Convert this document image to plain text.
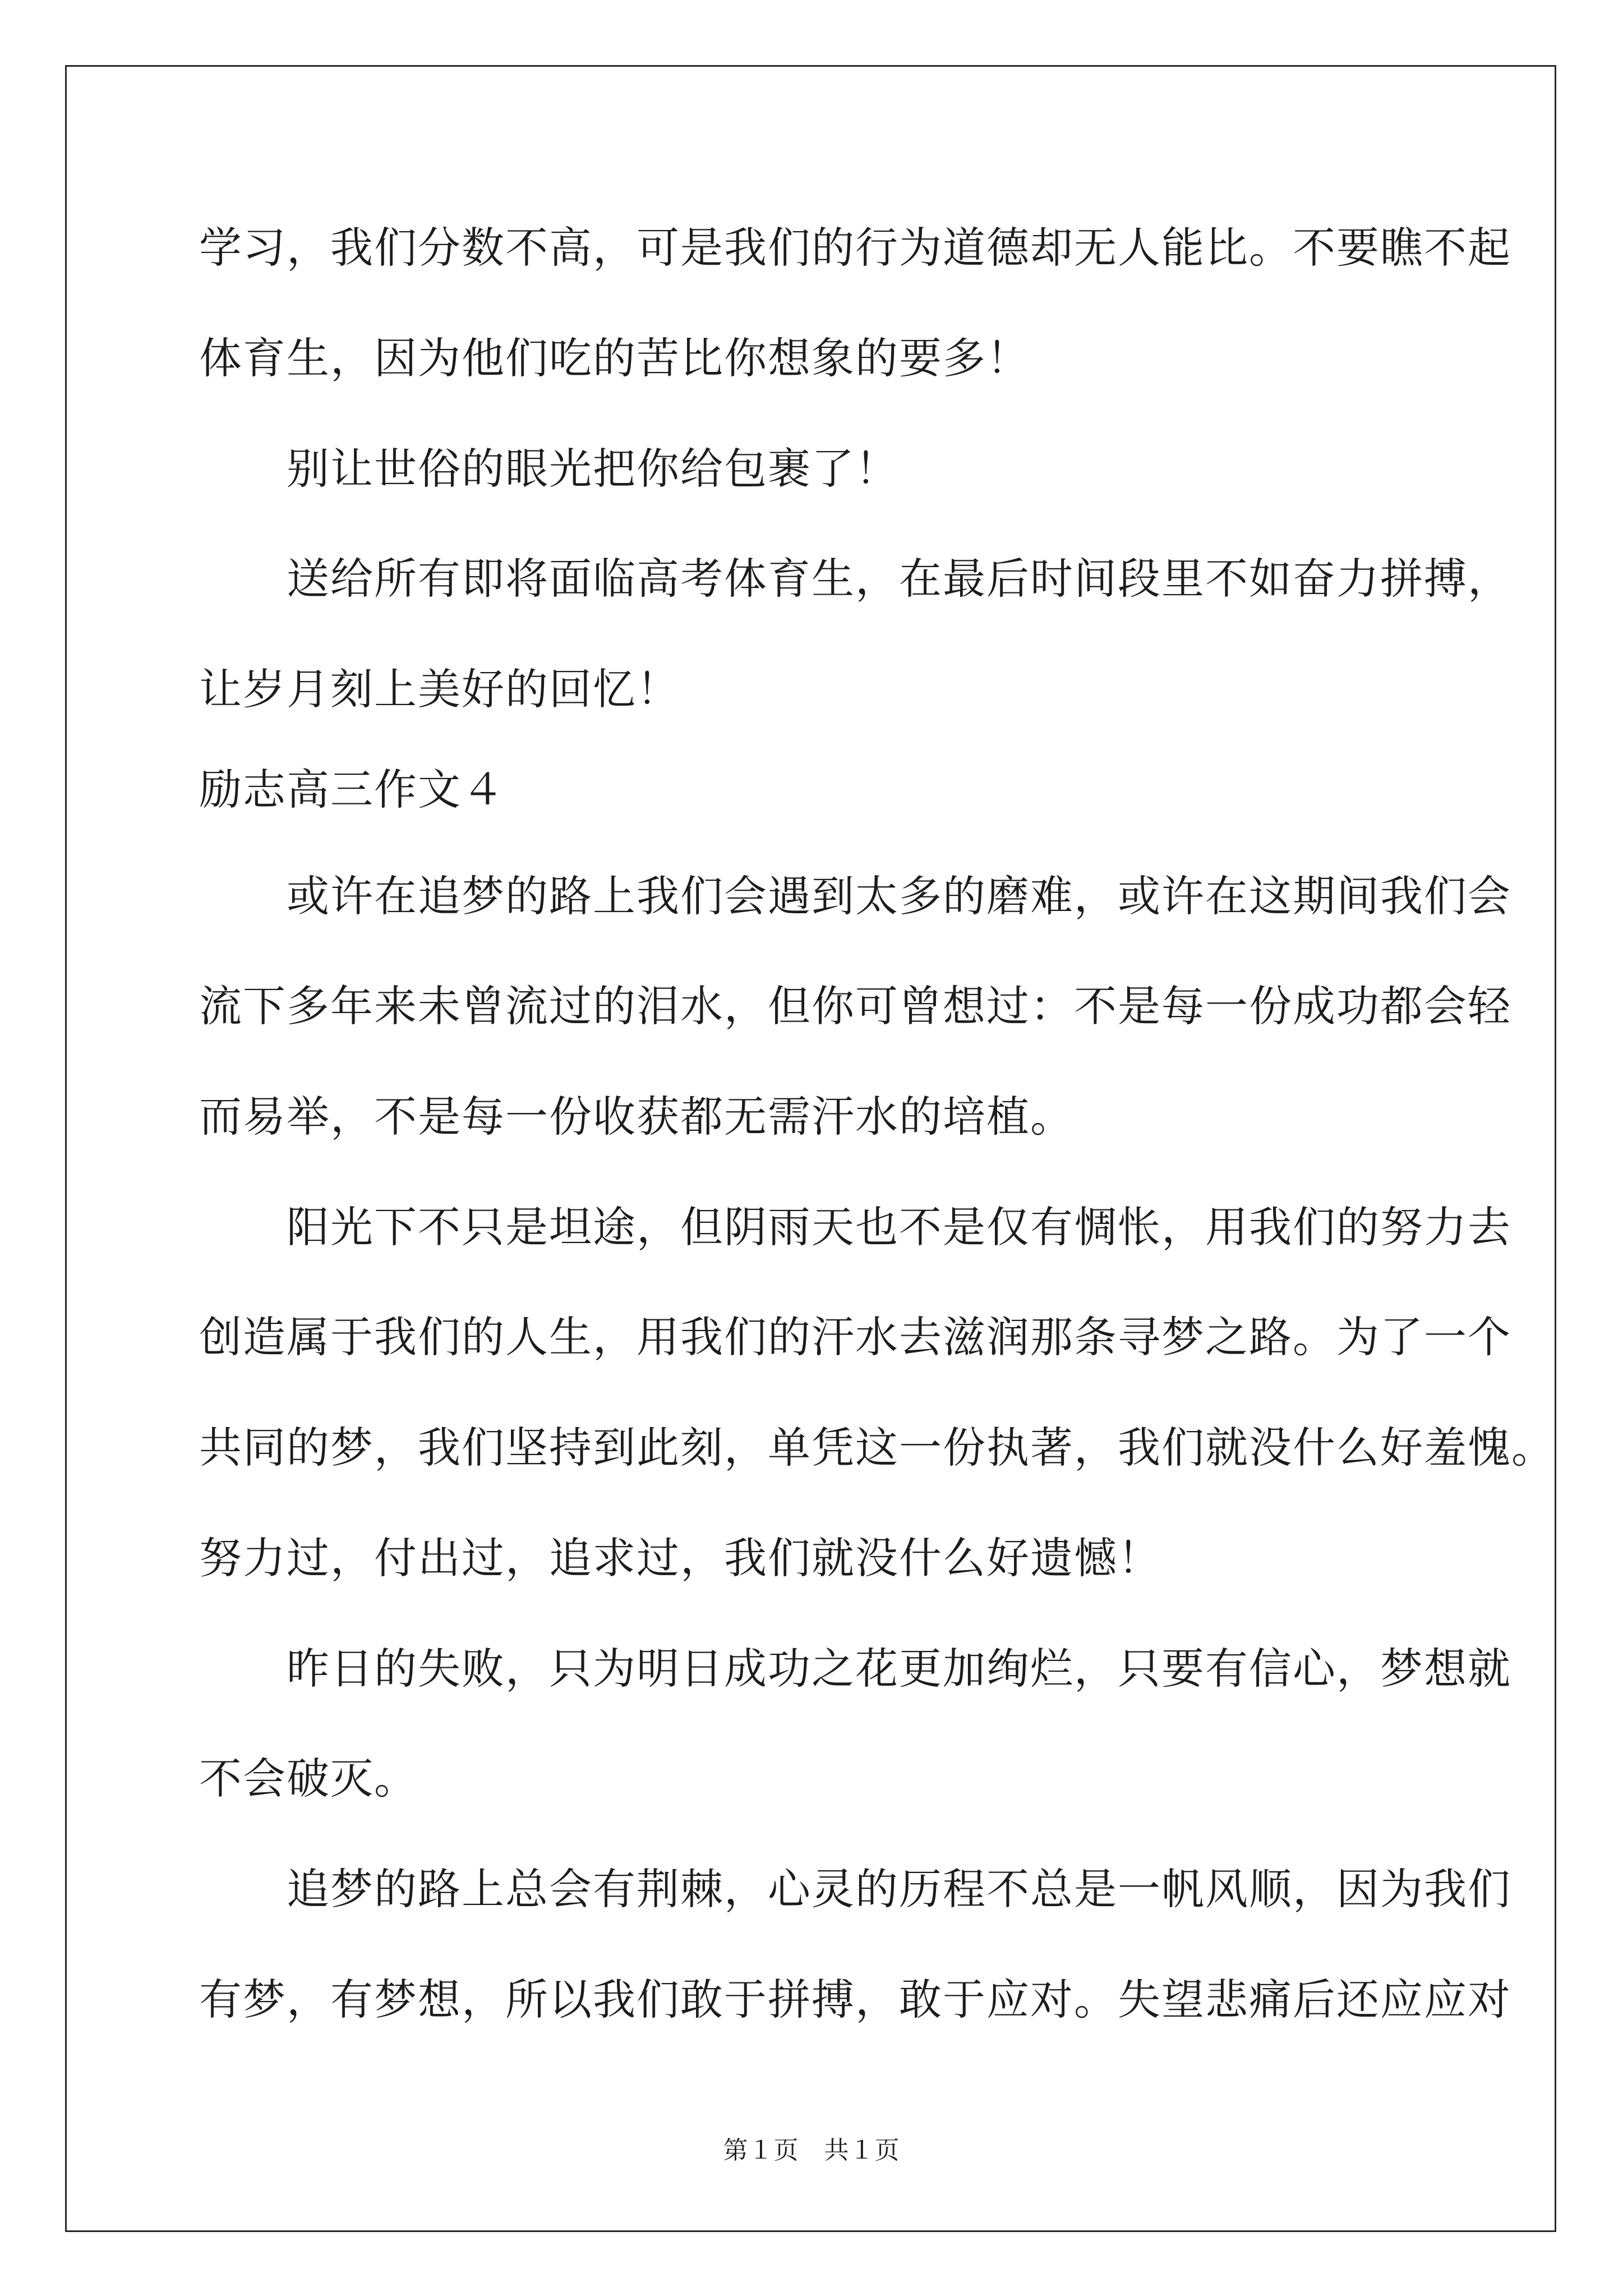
学习，我们分数不高，可是我们的行为道德却无人能比。不要瞧不起
体育生，因为他们吃的苦比你想象的要多！
　　别让世俗的眼光把你给包裹了！
　　送给所有即将面临高考体育生，在最后时间段里不如奋力拼搏，
让岁月刻上美好的回忆！
励志高三作文４
　　或许在追梦的路上我们会遇到太多的磨难，或许在这期间我们会
流下多年来未曾流过的泪水，但你可曾想过：不是每一份成功都会轻
而易举，不是每一份收获都无需汗水的培植。
　　阳光下不只是坦途，但阴雨天也不是仅有惆怅，用我们的努力去
创造属于我们的人生，用我们的汗水去滋润那条寻梦之路。为了一个
共同的梦，我们坚持到此刻，单凭这一份执著，我们就没什么好羞愧。
努力过，付出过，追求过，我们就没什么好遗憾！
　　昨日的失败，只为明日成功之花更加绚烂，只要有信心，梦想就
不会破灭。
　　追梦的路上总会有荆棘，心灵的历程不总是一帆风顺，因为我们
有梦，有梦想，所以我们敢于拼搏，敢于应对。失望悲痛后还应应对
第１页　共１页
